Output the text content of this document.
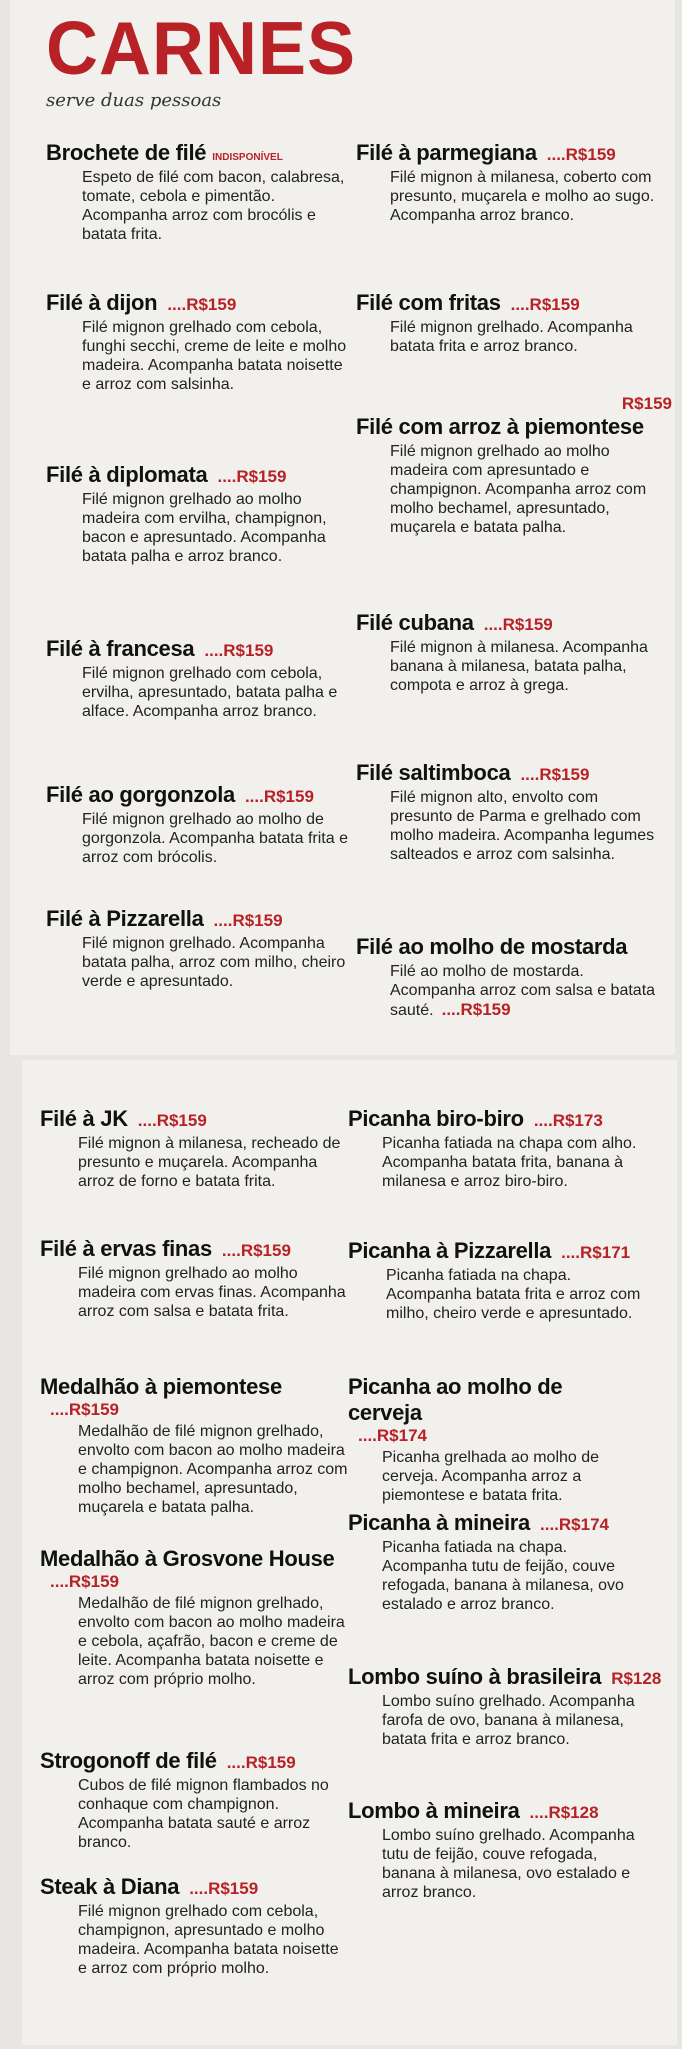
CARNES
serve duas pessoas
Brochete de filé INDISPONÍVEL
Espeto de filé com bacon, calabresa, tomate, cebola e pimentão. Acompanha arroz com brocólis e batata frita.
Filé à dijon ....R$159
Filé mignon grelhado com cebola, funghi secchi, creme de leite e molho madeira. Acompanha batata noisette e arroz com salsinha.
Filé à diplomata ....R$159
Filé mignon grelhado ao molho madeira com ervilha, champignon, bacon e apresuntado. Acompanha batata palha e arroz branco.
Filé à francesa ....R$159
Filé mignon grelhado com cebola, ervilha, apresuntado, batata palha e alface. Acompanha arroz branco.
Filé ao gorgonzola ....R$159
Filé mignon grelhado ao molho de gorgonzola. Acompanha batata frita e arroz com brócolis.
Filé à Pizzarella ....R$159
Filé mignon grelhado. Acompanha batata palha, arroz com milho, cheiro verde e apresuntado.
Filé à parmegiana ....R$159
Filé mignon à milanesa, coberto com presunto, muçarela e molho ao sugo. Acompanha arroz branco.
Filé com fritas ....R$159
Filé mignon grelhado. Acompanha batata frita e arroz branco.
Filé com arroz à piemontese
R$159
Filé mignon grelhado ao molho madeira com apresuntado e champignon. Acompanha arroz com molho bechamel, apresuntado, muçarela e batata palha.
Filé cubana ....R$159
Filé mignon à milanesa. Acompanha banana à milanesa, batata palha, compota e arroz à grega.
Filé saltimboca ....R$159
Filé mignon alto, envolto com presunto de Parma e grelhado com molho madeira. Acompanha legumes salteados e arroz com salsinha.
Filé ao molho de mostarda
Filé ao molho de mostarda. Acompanha arroz com salsa e batata sauté. ....R$159
Filé à JK ....R$159
Filé mignon à milanesa, recheado de presunto e muçarela. Acompanha arroz de forno e batata frita.
Filé à ervas finas ....R$159
Filé mignon grelhado ao molho madeira com ervas finas. Acompanha arroz com salsa e batata frita.
Medalhão à piemontese
....R$159
Medalhão de filé mignon grelhado, envolto com bacon ao molho madeira e champignon. Acompanha arroz com molho bechamel, apresuntado, muçarela e batata palha.
Medalhão à Grosvone House
....R$159
Medalhão de filé mignon grelhado, envolto com bacon ao molho madeira e cebola, açafrão, bacon e creme de leite. Acompanha batata noisette e arroz com próprio molho.
Strogonoff de filé ....R$159
Cubos de filé mignon flambados no conhaque com champignon. Acompanha batata sauté e arroz branco.
Steak à Diana ....R$159
Filé mignon grelhado com cebola, champignon, apresuntado e molho madeira. Acompanha batata noisette e arroz com próprio molho.
Picanha biro-biro ....R$173
Picanha fatiada na chapa com alho. Acompanha batata frita, banana à milanesa e arroz biro-biro.
Picanha à Pizzarella ....R$171
Picanha fatiada na chapa. Acompanha batata frita e arroz com milho, cheiro verde e apresuntado.
Picanha ao molho de cerveja
....R$174
Picanha grelhada ao molho de cerveja. Acompanha arroz a piemontese e batata frita.
Picanha à mineira ....R$174
Picanha fatiada na chapa. Acompanha tutu de feijão, couve refogada, banana à milanesa, ovo estalado e arroz branco.
Lombo suíno à brasileira R$128
Lombo suíno grelhado. Acompanha farofa de ovo, banana à milanesa, batata frita e arroz branco.
Lombo à mineira ....R$128
Lombo suíno grelhado. Acompanha tutu de feijão, couve refogada, banana à milanesa, ovo estalado e arroz branco.
